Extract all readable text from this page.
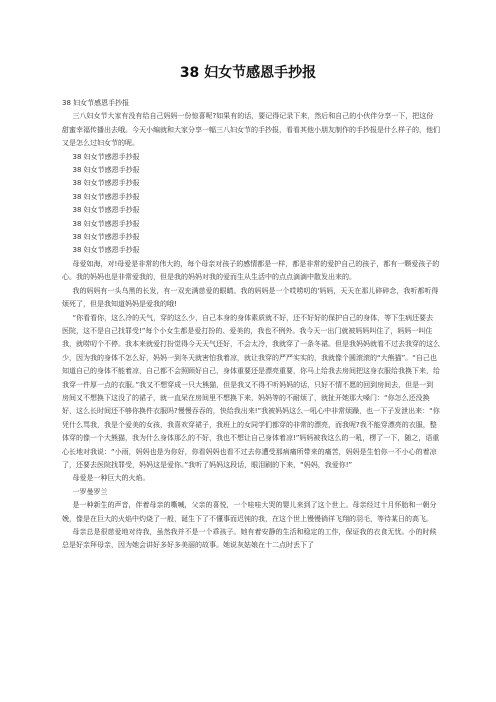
38 妇女节感恩手抄报

38 妇女节感恩手抄报

三八妇女节大家有没有给自己妈妈一份惊喜呢?如果有的话，要记得记录下来，然后和自己的小伙伴分享一下，把这份甜蜜幸福传播出去哦。今天小编就和大家分享一幅三八妇女节的手抄报，看看其他小朋友制作的手抄报是什么样子的，他们又是怎么过妇女节的呢。

38 妇女节感恩手抄报

38 妇女节感恩手抄报

38 妇女节感恩手抄报

38 妇女节感恩手抄报

38 妇女节感恩手抄报

38 妇女节感恩手抄报

38 妇女节感恩手抄报

38 妇女节感恩手抄报

母爱如海，对!母爱是非常的伟大的，每个母亲对孩子的感情都是一样，都是非常的爱护自己的孩子，都有一颗爱孩子的心。我的妈妈也是非常爱我的，但是我的妈妈对我的爱而生从生活中的点点滴滴中散发出来的。

我的妈妈有一头乌黑的长发，有一双充满慈爱的眼睛。我的妈妈是一个哎唠叨的'妈妈，天天在那儿碎碎念，我听都听得烦死了，但是我知道妈妈是爱我的哦!

“你看看你，这么冷的天气，穿的这么少，自己本身的身体素质就不好，还不好好的保护自己的身体，等下生病还要去医院，这不是自己找罪受!”每个小女生都是爱打扮的、爱美的，我也不例外。我今天一出门就被妈妈叫住了，妈妈一叫住我，就唠叨个不停。我本来就爱打扮觉得今天天气还好，不会太冷，我就穿了一条冬裙。但是我妈妈就看不过去我穿的这么少，因为我的身体不怎么好，妈妈一到冬天就害怕我着凉，就让我穿的严严实实的，我就像个圆滚滚的“大熊猫”。“自己也知道自己的身体不能着凉，自己都不会照顾好自己，身体重要还是漂亮重要，你马上给我去房间把这身衣服给我换下来，给我穿一件厚一点的衣服。”我又不想穿成一只大熊猫，但是我又不得不听妈妈的话，只好不情不愿的回到房间去，但是一到房间又不想换下这没了的裙子，就一直呆在房间里不想换下来，妈妈等的不耐烦了，就扯开她那大嗓门：“你怎么还没换好，这么长时间还不够你换件衣服吗?慢慢吞吞的，快给我出来!”我被妈妈这么一吼心中非常烦躁，也一下子发泄出来：“你凭什么骂我，我是个爱美的女孩，我喜欢穿裙子，我班上的女同学们都穿的非常的漂亮，而我呢?我不能穿漂亮的衣服，整体穿的像一个大熊猫，我为什么身体那么的不好，我也不想让自己身体着凉!”妈妈被我这么的一吼，楞了一下，随之，语重心长地对我说：“小雨，妈妈也是为你好，你看妈妈也看不过去你遭受那病痛所带来的痛苦，妈妈是生怕你一不小心的着凉了，还要去医院找罪受，妈妈这是爱你。”我听了妈妈这段话，眼泪刷的下来，“妈妈，我爱你!”

母爱是一种巨大的火焰。

一罗曼罗兰

是一种新生的声音，伴着母亲的嘶喊，父亲的喜悦，一个哇哇大哭的婴儿来到了这个世上。母亲经过十月怀胎和一朝分娩，像是在巨大的火焰中灼烧了一般，诞生下了不懂事而迟钝的我，在这个世上慢慢徜徉飞翔的羽毛，等待某日的高飞。

母亲总是很慈爱地对待我，虽然我并不是一个乖孩子。她有着安静的生活和稳定的工作，保证我的衣食无忧。小的时候总是好亲拜母亲，因为她会讲好多好多美丽的故事。她说灰姑娘在十二点时丢下了
